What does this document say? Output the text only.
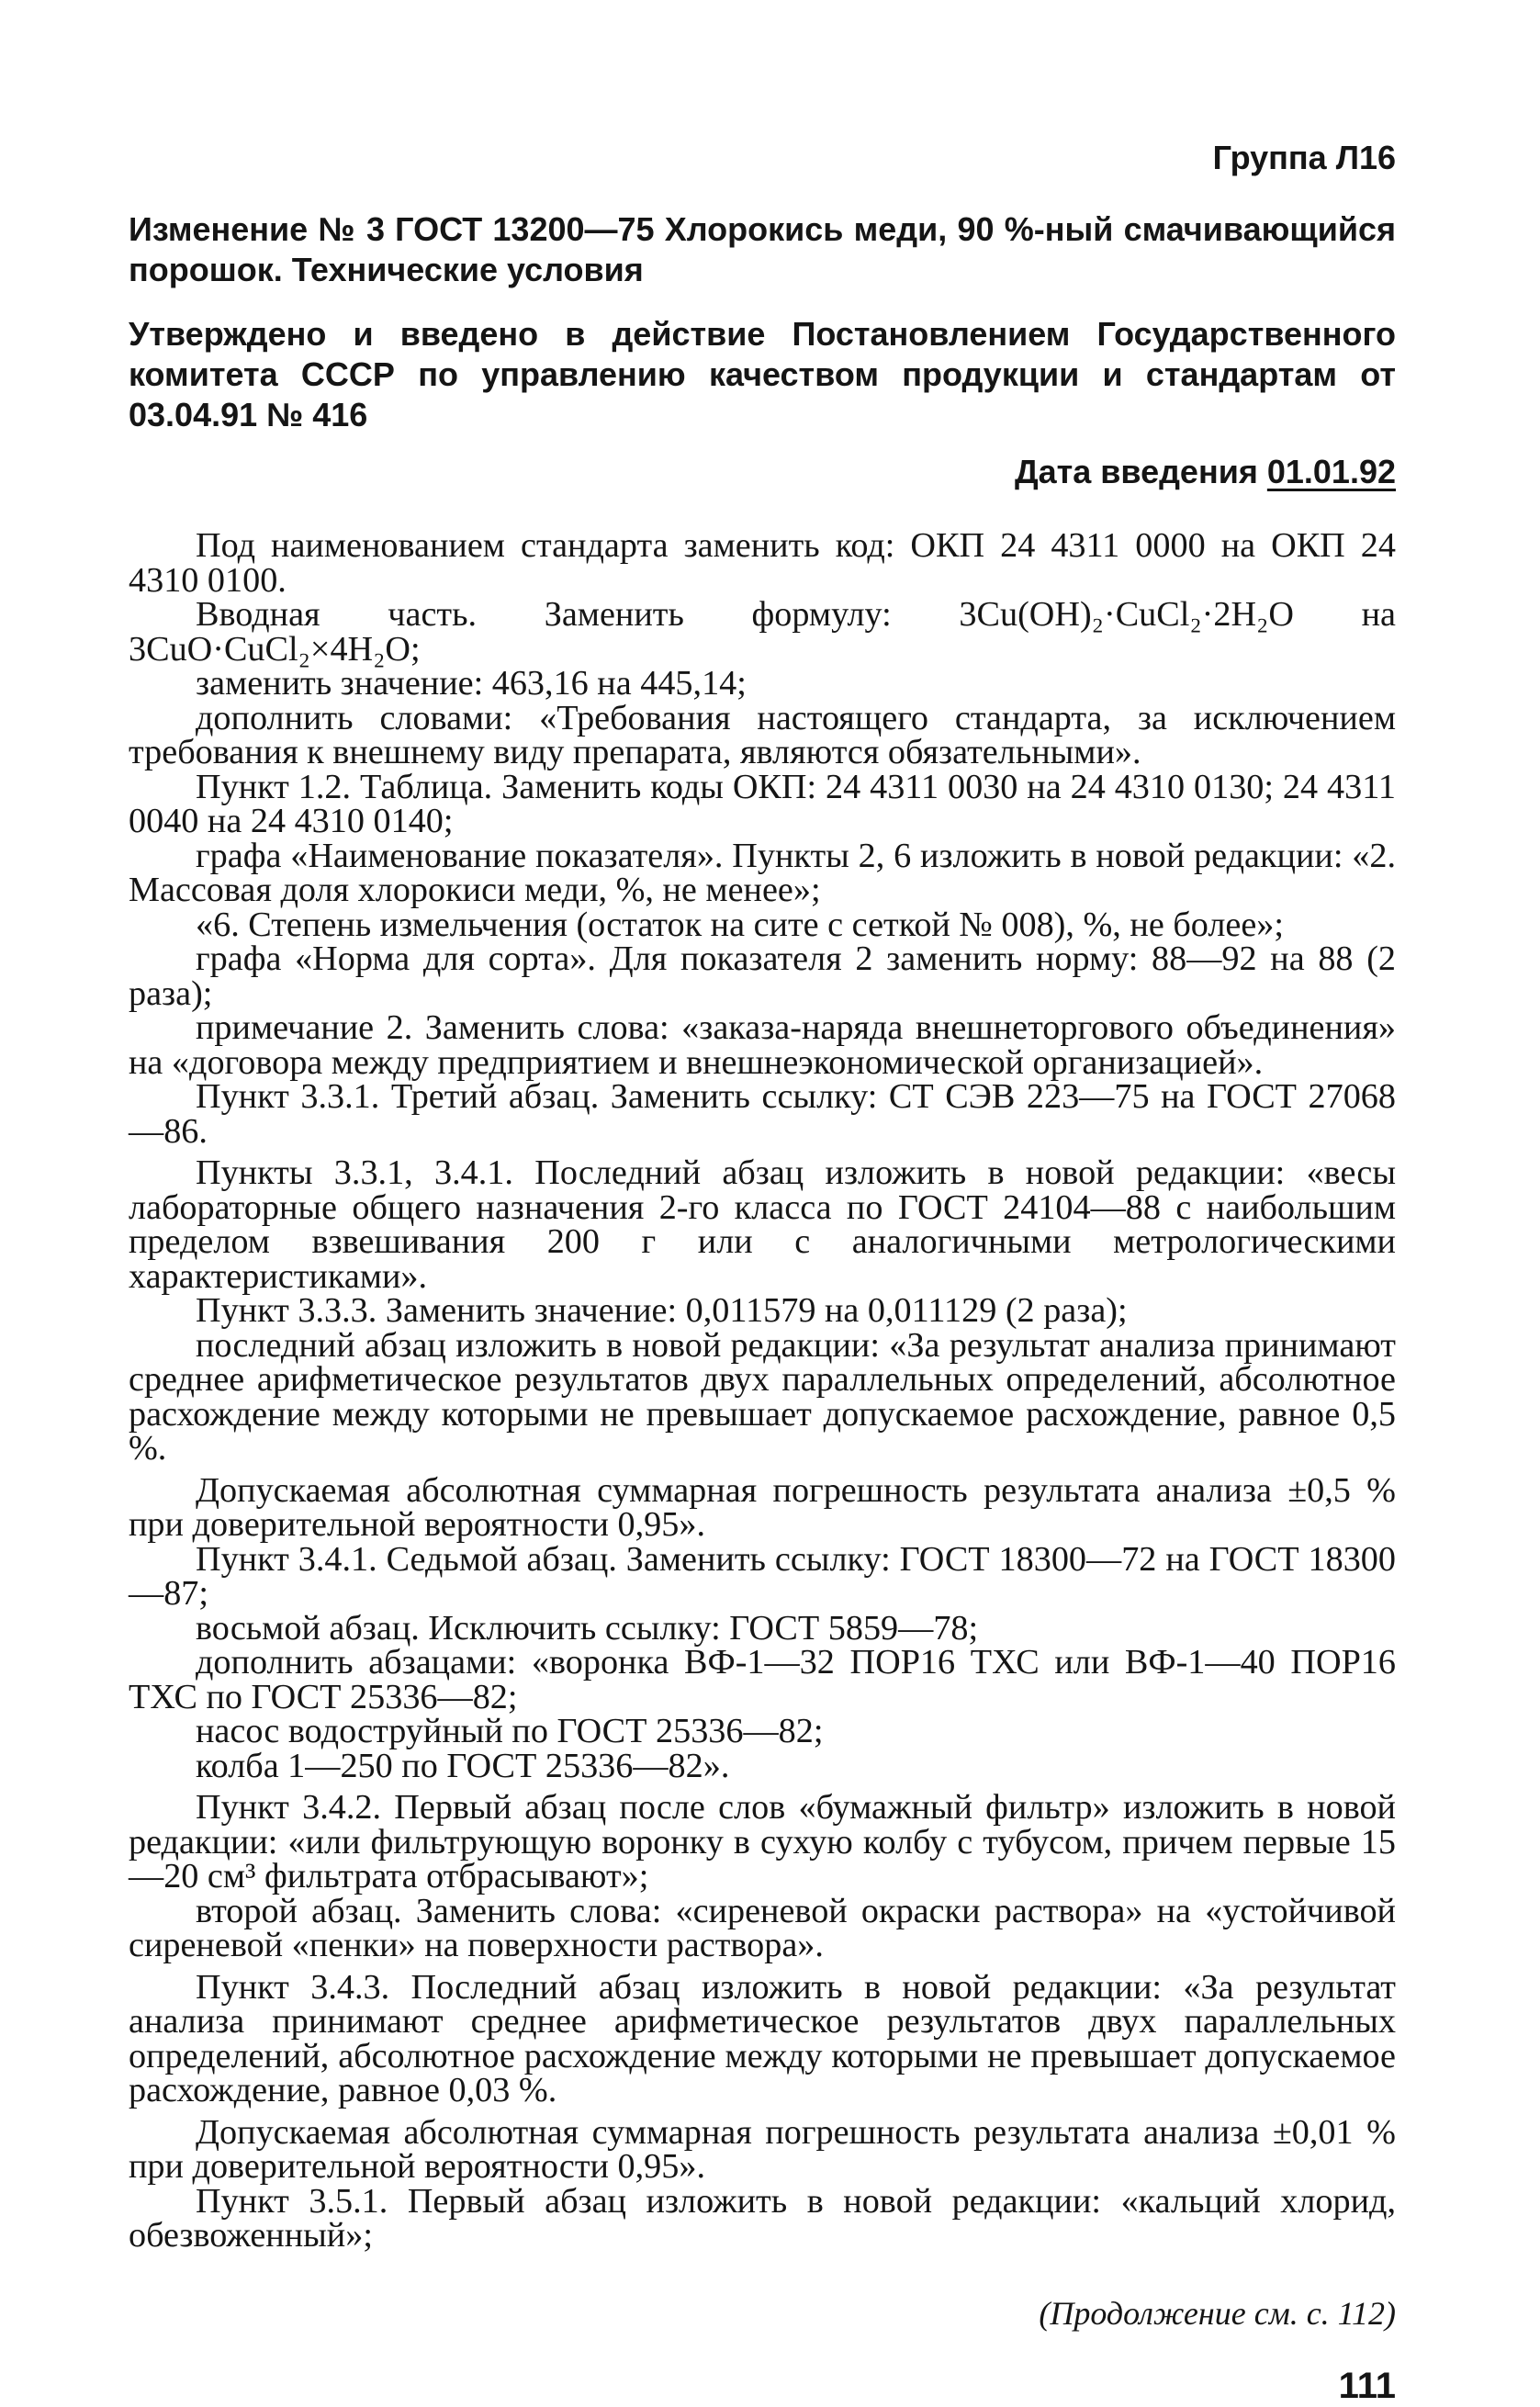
Группа Л16
Изменение № 3 ГОСТ 13200—75 Хлорокись меди, 90 %-ный смачивающийся порошок. Технические условия
Утверждено и введено в действие Постановлением Государственного комитета СССР по управлению качеством продукции и стандартам от 03.04.91 № 416
Дата введения 01.01.92

Под наименованием стандарта заменить код: ОКП 24 4311 0000 на ОКП 24 4310 0100.

Вводная часть. Заменить формулу: 3Cu(OH)₂·CuCl₂·2H₂O на 3CuO·CuCl₂×4H₂O;

заменить значение: 463,16 на 445,14;

дополнить словами: «Требования настоящего стандарта, за исключением требования к внешнему виду препарата, являются обязательными».

Пункт 1.2. Таблица. Заменить коды ОКП: 24 4311 0030 на 24 4310 0130; 24 4311 0040 на 24 4310 0140;

графа «Наименование показателя». Пункты 2, 6 изложить в новой редакции: «2. Массовая доля хлорокиси меди, %, не менее»;

«6. Степень измельчения (остаток на сите с сеткой № 008), %, не более»;

графа «Норма для сорта». Для показателя 2 заменить норму: 88—92 на 88 (2 раза);

примечание 2. Заменить слова: «заказа-наряда внешнеторгового объединения» на «договора между предприятием и внешнеэкономической организацией».

Пункт 3.3.1. Третий абзац. Заменить ссылку: СТ СЭВ 223—75 на ГОСТ 27068—86.

Пункты 3.3.1, 3.4.1. Последний абзац изложить в новой редакции: «весы лабораторные общего назначения 2-го класса по ГОСТ 24104—88 с наибольшим пределом взвешивания 200 г или с аналогичными метрологическими характеристиками».

Пункт 3.3.3. Заменить значение: 0,011579 на 0,011129 (2 раза);

последний абзац изложить в новой редакции: «За результат анализа принимают среднее арифметическое результатов двух параллельных определений, абсолютное расхождение между которыми не превышает допускаемое расхождение, равное 0,5 %.

Допускаемая абсолютная суммарная погрешность результата анализа ±0,5 % при доверительной вероятности 0,95».

Пункт 3.4.1. Седьмой абзац. Заменить ссылку: ГОСТ 18300—72 на ГОСТ 18300—87;

восьмой абзац. Исключить ссылку: ГОСТ 5859—78;

дополнить абзацами: «воронка ВФ-1—32 ПОР16 ТХС или ВФ-1—40 ПОР16 ТХС по ГОСТ 25336—82;

насос водоструйный по ГОСТ 25336—82;

колба 1—250 по ГОСТ 25336—82».

Пункт 3.4.2. Первый абзац после слов «бумажный фильтр» изложить в новой редакции: «или фильтрующую воронку в сухую колбу с тубусом, причем первые 15—20 см³ фильтрата отбрасывают»;

второй абзац. Заменить слова: «сиреневой окраски раствора» на «устойчивой сиреневой «пенки» на поверхности раствора».

Пункт 3.4.3. Последний абзац изложить в новой редакции: «За результат анализа принимают среднее арифметическое результатов двух параллельных определений, абсолютное расхождение между которыми не превышает допускаемое расхождение, равное 0,03 %.

Допускаемая абсолютная суммарная погрешность результата анализа ±0,01 % при доверительной вероятности 0,95».

Пункт 3.5.1. Первый абзац изложить в новой редакции: «кальций хлорид, обезвоженный»;

(Продолжение см. с. 112)
111
